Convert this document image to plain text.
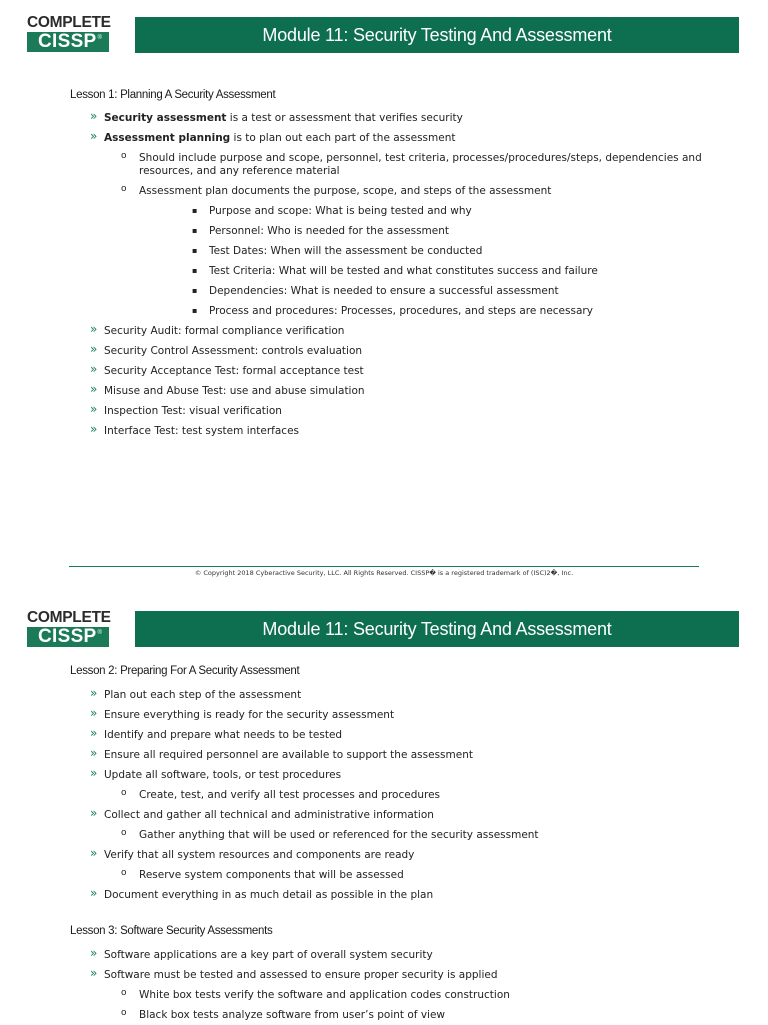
COMPLETE
CISSP®	Module 11: Security Testing And Assessment
Lesson 1: Planning A Security Assessment
» Security assessment is a test or assessment that verifies security
» Assessment planning is to plan out each part of the assessment
o Should include purpose and scope, personnel, test criteria, processes/procedures/steps, dependencies and resources, and any reference material
o Assessment plan documents the purpose, scope, and steps of the assessment
▪ Purpose and scope: What is being tested and why
▪ Personnel: Who is needed for the assessment
▪ Test Dates: When will the assessment be conducted
▪ Test Criteria: What will be tested and what constitutes success and failure
▪ Dependencies: What is needed to ensure a successful assessment
▪ Process and procedures: Processes, procedures, and steps are necessary
» Security Audit: formal compliance verification
» Security Control Assessment: controls evaluation
» Security Acceptance Test: formal acceptance test
» Misuse and Abuse Test: use and abuse simulation
» Inspection Test: visual verification
» Interface Test: test system interfaces
© Copyright 2018 Cyberactive Security, LLC. All Rights Reserved. CISSP� is a registered trademark of (ISC)2�, Inc.
COMPLETE
CISSP®	Module 11: Security Testing And Assessment
Lesson 2: Preparing For A Security Assessment
» Plan out each step of the assessment
» Ensure everything is ready for the security assessment
» Identify and prepare what needs to be tested
» Ensure all required personnel are available to support the assessment
» Update all software, tools, or test procedures
o Create, test, and verify all test processes and procedures
» Collect and gather all technical and administrative information
o Gather anything that will be used or referenced for the security assessment
» Verify that all system resources and components are ready
o Reserve system components that will be assessed
» Document everything in as much detail as possible in the plan
Lesson 3: Software Security Assessments
» Software applications are a key part of overall system security
» Software must be tested and assessed to ensure proper security is applied
o White box tests verify the software and application codes construction
o Black box tests analyze software from user’s point of view
